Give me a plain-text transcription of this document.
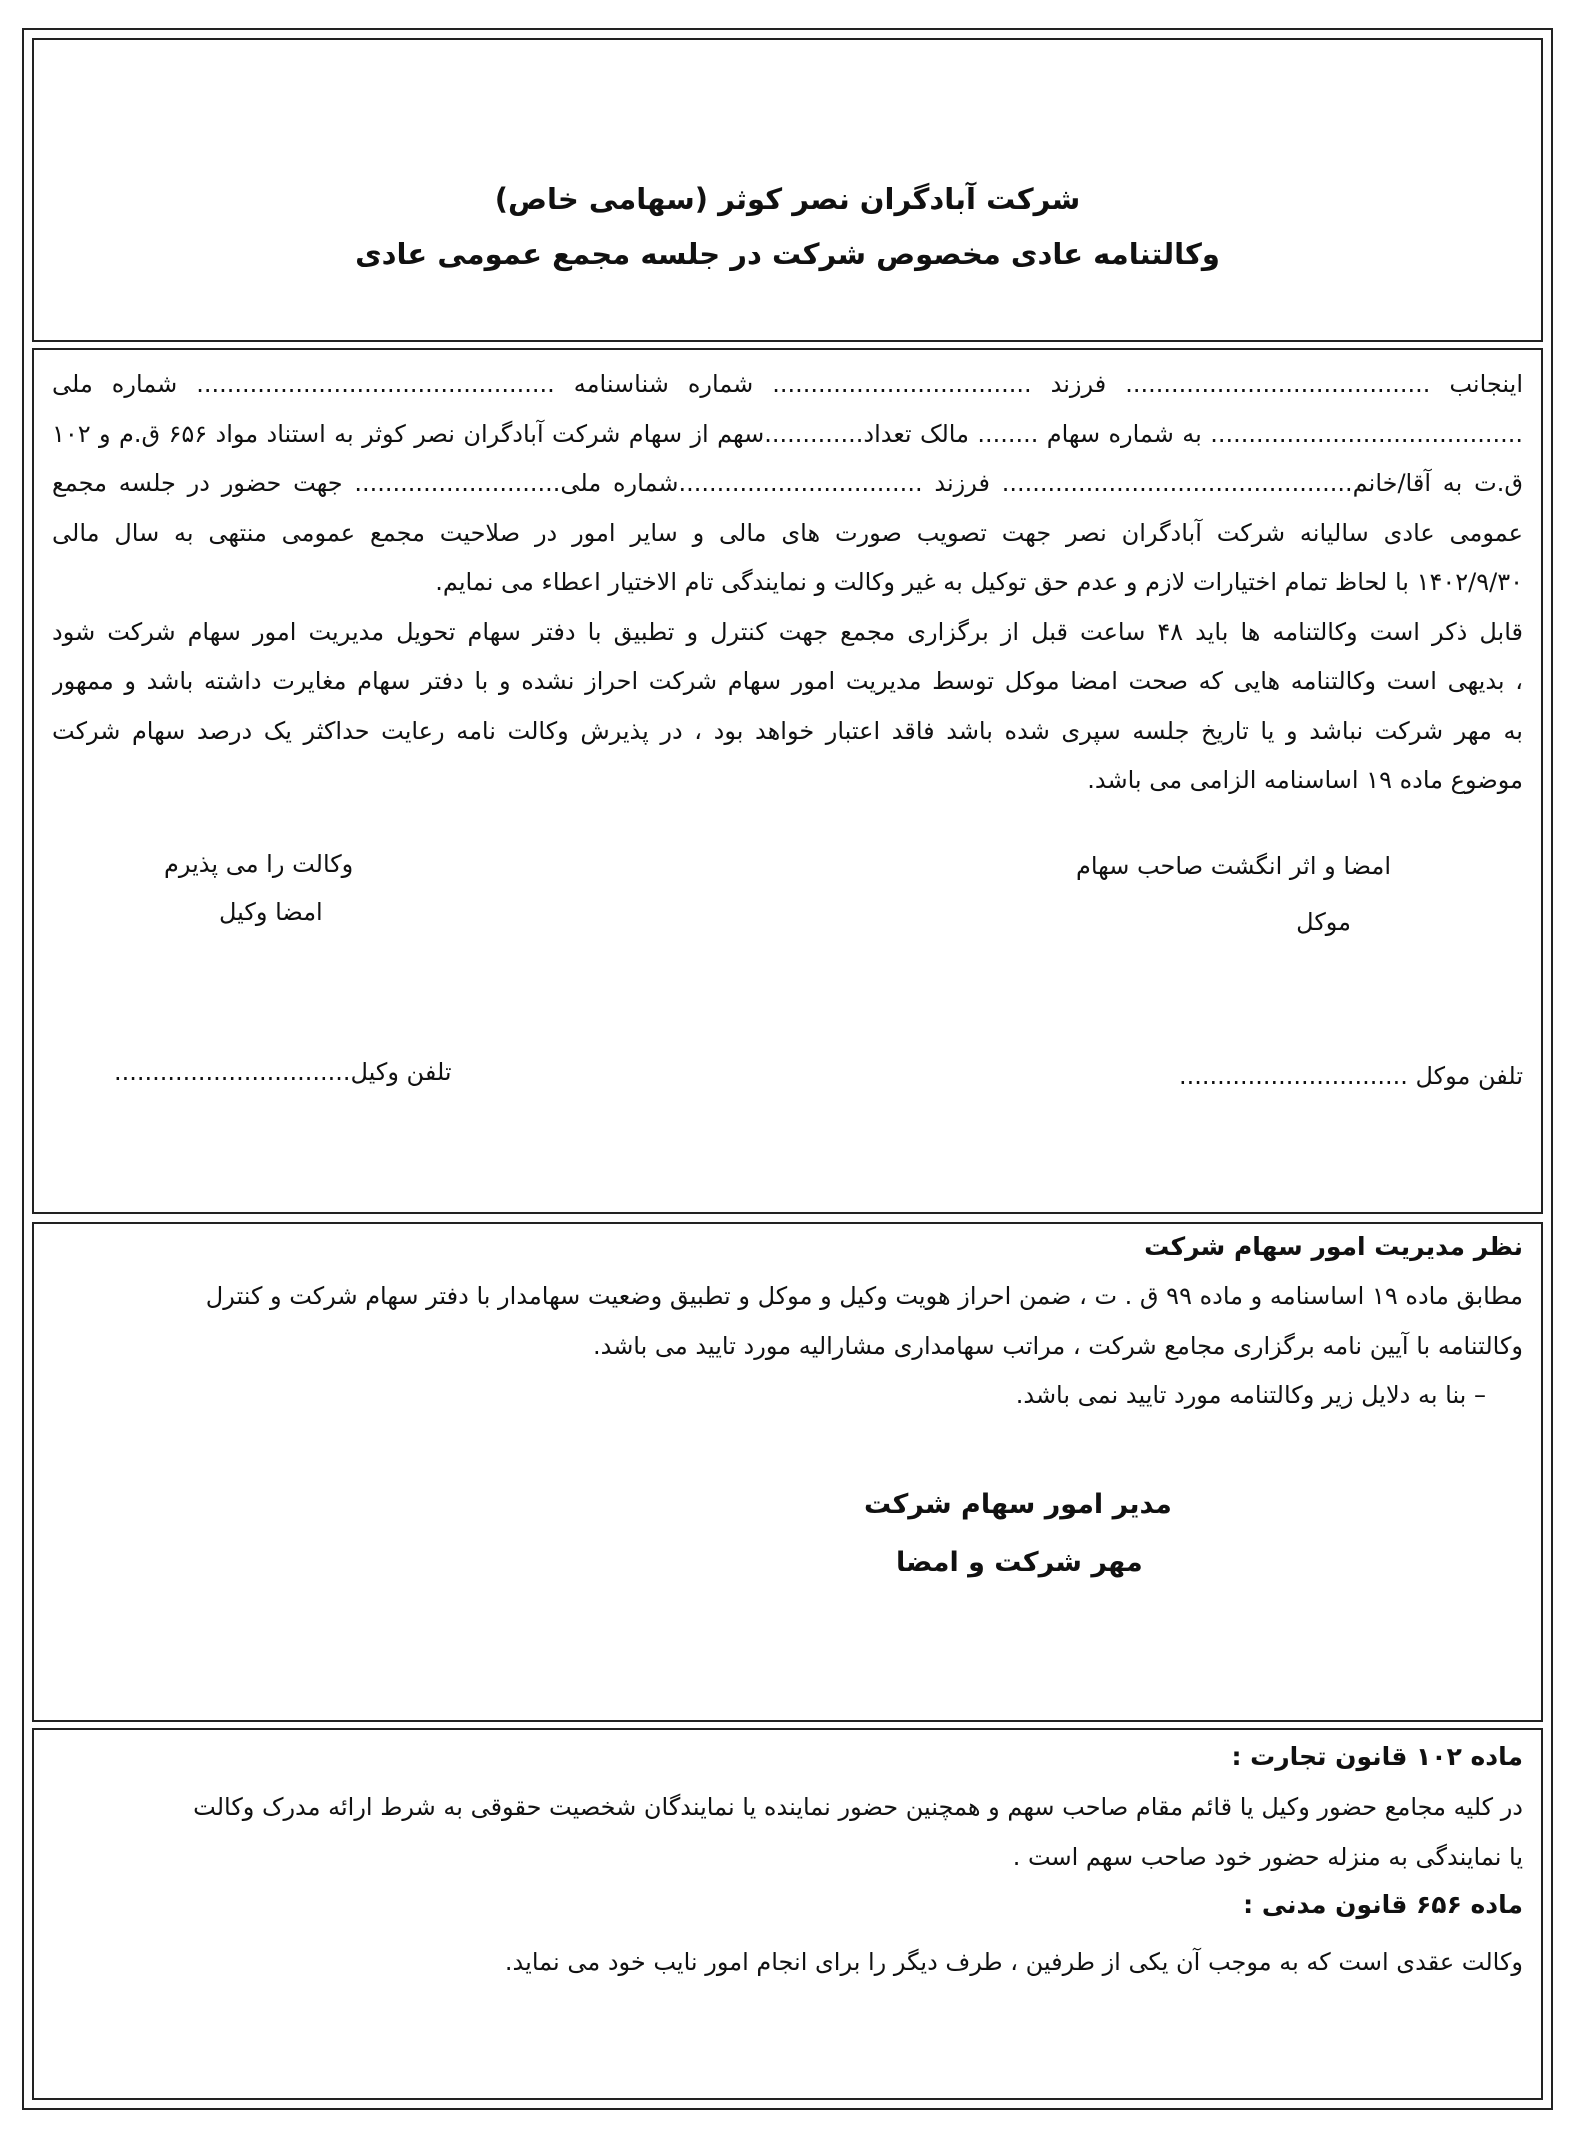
شرکت آبادگران نصر کوثر (سهامی خاص)
وکالتنامه عادی مخصوص شرکت در جلسه مجمع عمومی عادی
اینجانب ........................................ فرزند .................................. شماره شناسنامه ............................................... شماره ملی
......................................... به شماره سهام ........ مالک تعداد.............سهم از سهام شرکت آبادگران نصر کوثر به استناد مواد ۶۵۶ ق.م و ۱۰۲
ق.ت به آقا/خانم.............................................. فرزند ................................شماره ملی........................... جهت حضور در جلسه مجمع
عمومی عادی سالیانه شرکت آبادگران نصر جهت تصویب صورت های مالی و سایر امور در صلاحیت مجمع عمومی منتهی به سال مالی
۱۴۰۲/۹/۳۰ با لحاظ تمام اختیارات لازم و عدم حق توکیل به غیر وکالت و نمایندگی تام الاختیار اعطاء می نمایم.
قابل ذکر است وکالتنامه ها باید ۴۸ ساعت قبل از برگزاری مجمع جهت کنترل و تطبیق با دفتر سهام تحویل مدیریت امور سهام شرکت شود
، بدیهی است وکالتنامه هایی که صحت امضا موکل توسط مدیریت امور سهام شرکت احراز نشده و با دفتر سهام مغایرت داشته باشد و ممهور
به مهر شرکت نباشد و یا تاریخ جلسه سپری شده باشد فاقد اعتبار خواهد بود ، در پذیرش وکالت نامه رعایت حداکثر یک درصد سهام شرکت
موضوع ماده ۱۹ اساسنامه الزامی می باشد.
امضا و اثر انگشت صاحب سهام
موکل
وکالت را می پذیرم
امضا وکیل
تلفن موکل ..............................
تلفن وکیل...............................
نظر مدیریت امور سهام شرکت
مطابق ماده ۱۹ اساسنامه و ماده ۹۹ ق . ت ، ضمن احراز هویت وکیل و موکل و تطبیق وضعیت سهامدار با دفتر سهام شرکت و کنترل
وکالتنامه با آیین نامه برگزاری مجامع شرکت ، مراتب سهامداری مشاراليه مورد تایید می باشد.
– بنا به دلایل زیر وکالتنامه مورد تایید نمی باشد.
مدیر امور سهام شرکت
مهر شرکت و امضا
ماده ۱۰۲ قانون تجارت :
در کلیه مجامع حضور وکیل یا قائم مقام صاحب سهم و همچنین حضور نماینده یا نمایندگان شخصیت حقوقی به شرط ارائه مدرک وکالت
یا نمایندگی به منزله حضور خود صاحب سهم است .
ماده ۶۵۶ قانون مدنی :
وکالت عقدی است که به موجب آن یکی از طرفین ، طرف دیگر را برای انجام امور نایب خود می نماید.
